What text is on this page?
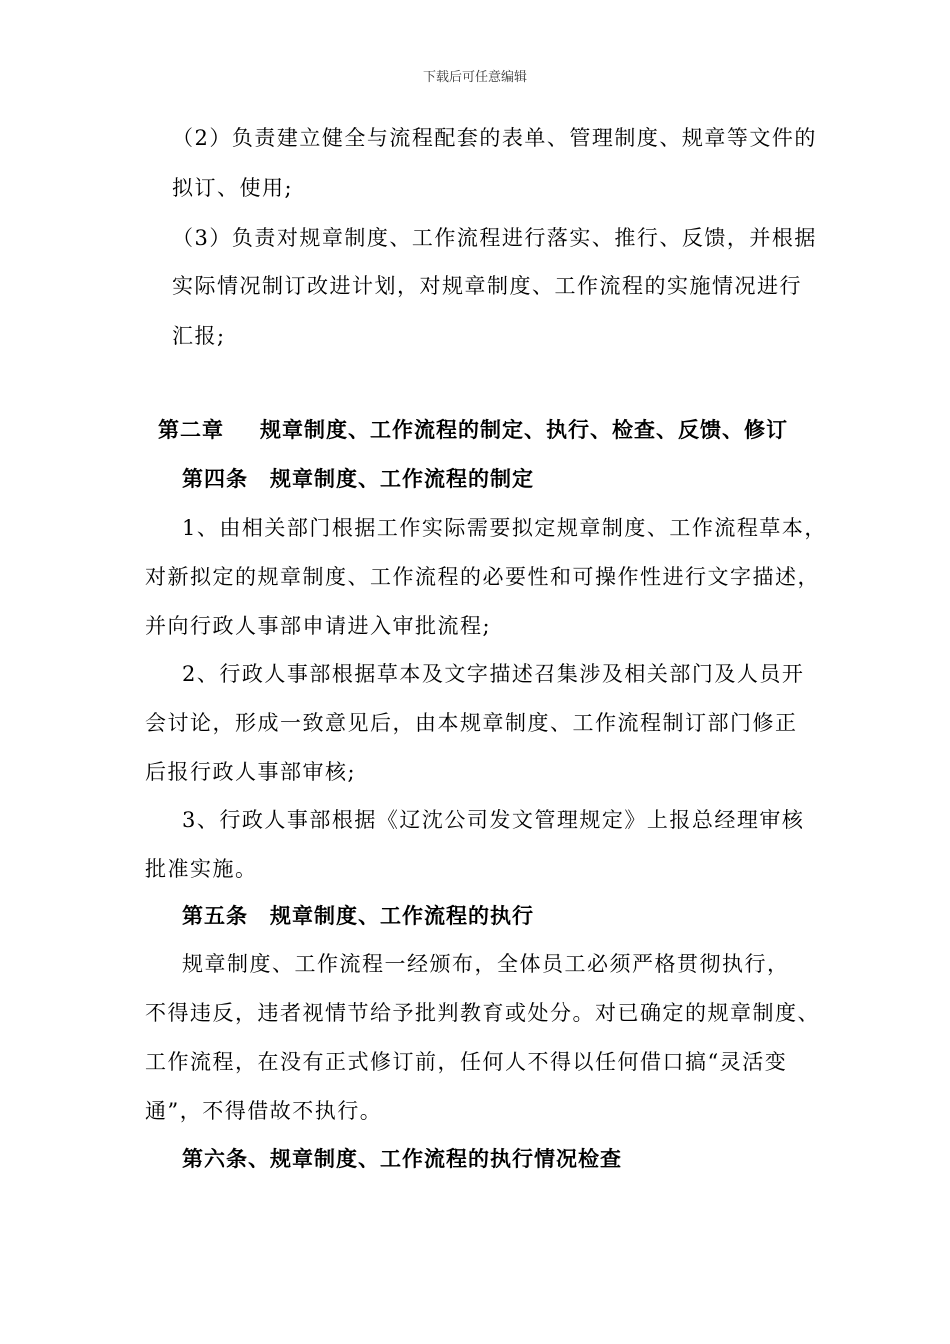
下载后可任意编辑
（2）负责建立健全与流程配套的表单、管理制度、规章等文件的
拟订、使用;
（3）负责对规章制度、工作流程进行落实、推行、反馈，并根据
实际情况制订改进计划，对规章制度、工作流程的实施情况进行
汇报;
第二章 规章制度、工作流程的制定、执行、检查、反馈、修订
第四条 规章制度、工作流程的制定
1、由相关部门根据工作实际需要拟定规章制度、工作流程草本，
对新拟定的规章制度、工作流程的必要性和可操作性进行文字描述，
并向行政人事部申请进入审批流程;
2、行政人事部根据草本及文字描述召集涉及相关部门及人员开
会讨论，形成一致意见后，由本规章制度、工作流程制订部门修正
后报行政人事部审核;
3、行政人事部根据《辽沈公司发文管理规定》上报总经理审核
批准实施。
第五条 规章制度、工作流程的执行
规章制度、工作流程一经颁布，全体员工必须严格贯彻执行，
不得违反，违者视情节给予批判教育或处分。对已确定的规章制度、
工作流程，在没有正式修订前，任何人不得以任何借口搞“灵活变
通”，不得借故不执行。
第六条、规章制度、工作流程的执行情况检查
